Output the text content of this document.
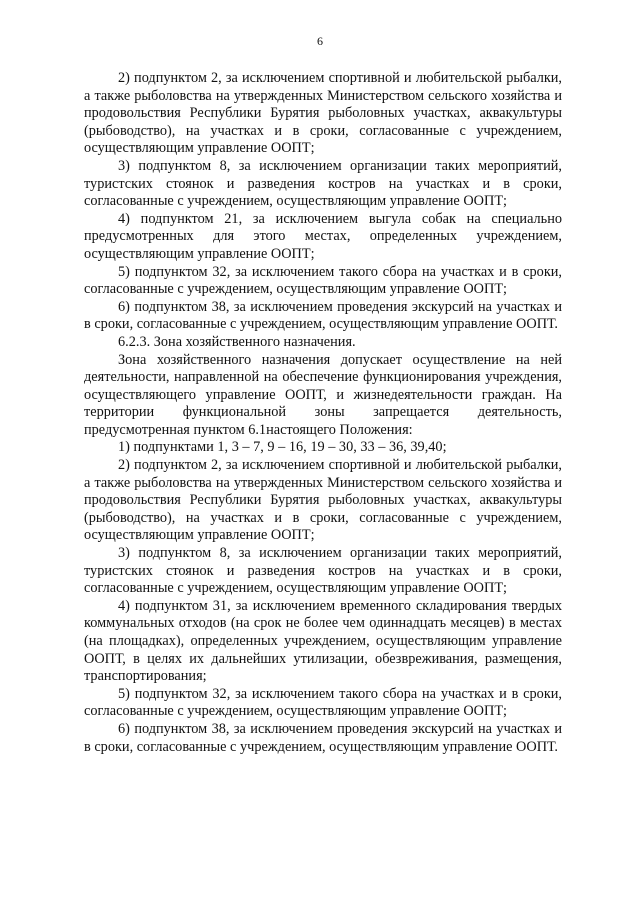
6

2) подпунктом 2, за исключением спортивной и любительской рыбалки, а также рыболовства на утвержденных Министерством сельского хозяйства и продовольствия Республики Бурятия рыболовных участках, аквакультуры (рыбоводство), на участках и в сроки, согласованные с учреждением, осуществляющим управление ООПТ;

3) подпунктом 8, за исключением организации таких мероприятий, туристских стоянок и разведения костров на участках и в сроки, согласованные с учреждением, осуществляющим управление ООПТ;

4) подпунктом 21, за исключением выгула собак на специально предусмотренных для этого местах, определенных учреждением, осуществляющим управление ООПТ;

5) подпунктом 32, за исключением такого сбора на участках и в сроки, согласованные с учреждением, осуществляющим управление ООПТ;

6) подпунктом 38, за исключением проведения экскурсий на участках и в сроки, согласованные с учреждением, осуществляющим управление ООПТ.

6.2.3. Зона хозяйственного назначения.

Зона хозяйственного назначения допускает осуществление на ней деятельности, направленной на обеспечение функционирования учреждения, осуществляющего управление ООПТ, и жизнедеятельности граждан. На территории функциональной зоны запрещается деятельность, предусмотренная пунктом 6.1настоящего Положения:

1) подпунктами 1, 3 – 7, 9 – 16, 19 – 30, 33 – 36, 39,40;

2) подпунктом 2, за исключением спортивной и любительской рыбалки, а также рыболовства на утвержденных Министерством сельского хозяйства и продовольствия Республики Бурятия рыболовных участках, аквакультуры (рыбоводство), на участках и в сроки, согласованные с учреждением, осуществляющим управление ООПТ;

3) подпунктом 8, за исключением организации таких мероприятий, туристских стоянок и разведения костров на участках и в сроки, согласованные с учреждением, осуществляющим управление ООПТ;

4) подпунктом 31, за исключением временного складирования твердых коммунальных отходов (на срок не более чем одиннадцать месяцев) в местах (на площадках), определенных учреждением, осуществляющим управление ООПТ, в целях их дальнейших утилизации, обезвреживания, размещения, транспортирования;

5) подпунктом 32, за исключением такого сбора на участках и в сроки, согласованные с учреждением, осуществляющим управление ООПТ;

6) подпунктом 38, за исключением проведения экскурсий на участках и в сроки, согласованные с учреждением, осуществляющим управление ООПТ.
